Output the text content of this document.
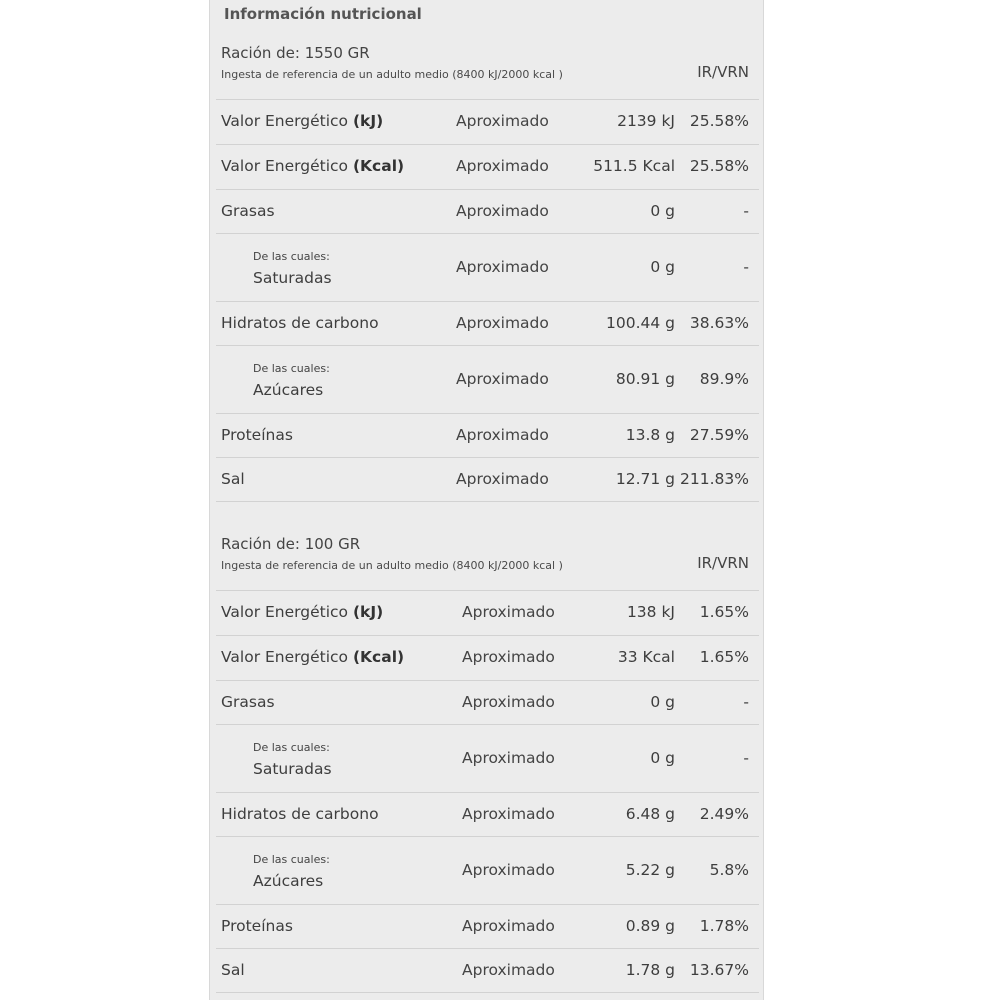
Información nutricional
Ración de: 1550 GR
Ingesta de referencia de un adulto medio (8400 kJ/2000 kcal )	IR/VRN
Valor Energético (kJ)	Aproximado	2139 kJ 25.58%
Valor Energético (Kcal)	Aproximado	511.5 Kcal 25.58%
Grasas	Aproximado	0 g	-
De las cuales:
Saturadas
Aproximado	0 g	-
Hidratos de carbono	Aproximado	100.44 g 38.63%
De las cuales:
Azúcares
Aproximado	80.91 g 89.9%
Proteínas	Aproximado	13.8 g 27.59%
Sal	Aproximado	12.71 g 211.83%
Ración de: 100 GR
Ingesta de referencia de un adulto medio (8400 kJ/2000 kcal )	IR/VRN
Valor Energético (kJ)	Aproximado	138 kJ 1.65%
Valor Energético (Kcal)	Aproximado	33 Kcal 1.65%
Grasas	Aproximado	0 g	-
De las cuales:
Saturadas
Aproximado	0 g	-
Hidratos de carbono	Aproximado	6.48 g 2.49%
De las cuales:
Azúcares
Aproximado	5.22 g 5.8%
Proteínas	Aproximado	0.89 g 1.78%
Sal	Aproximado	1.78 g 13.67%
